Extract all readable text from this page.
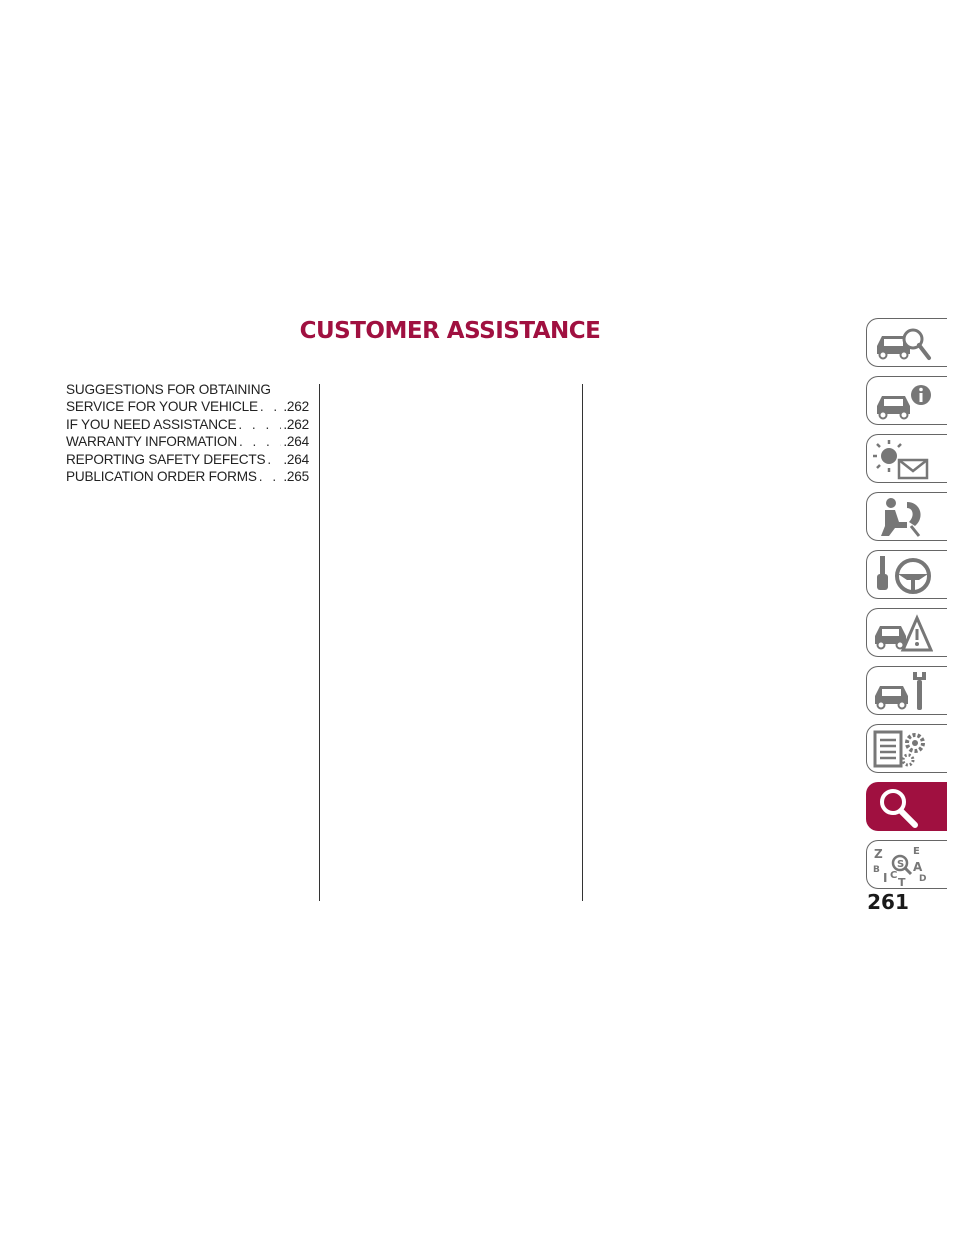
CUSTOMER ASSISTANCE
SUGGESTIONS FOR OBTAINING
SERVICE FOR YOUR VEHICLE . . . .262
IF YOU NEED ASSISTANCE . . .	.262
WARRANTY INFORMATION . . .	.264
REPORTING SAFETY DEFECTS . . . .264
PUBLICATION ORDER FORMS . . . .265
Z	E
B	A
D
I C
T
S
261
